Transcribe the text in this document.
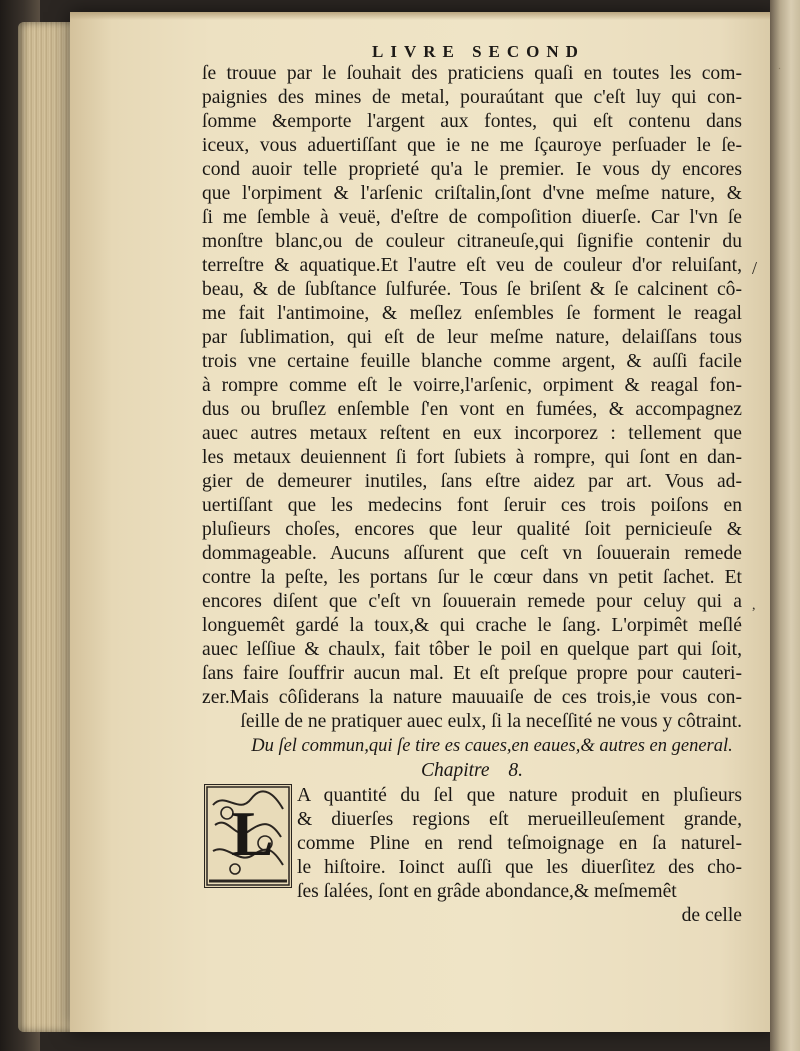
.
LIVRE SECOND
ſe trouue par le ſouhait des praticiens quaſi en toutes les com-
paignies des mines de metal, pouraútant que c'eſt luy qui con-
ſomme &emporte l'argent aux fontes, qui eſt contenu dans
iceux, vous aduertiſſant que ie ne me ſçauroye perſuader le ſe-
cond auoir telle proprieté qu'a le premier. Ie vous dy encores
que l'orpiment & l'arſenic criſtalin,ſont d'vne meſme nature, &
ſi me ſemble à veuë, d'eſtre de compoſition diuerſe. Car l'vn ſe
monſtre blanc,ou de couleur citraneuſe,qui ſignifie contenir du
terreſtre & aquatique.Et l'autre eſt veu de couleur d'or reluiſant,
beau, & de ſubſtance ſulfurée. Tous ſe briſent & ſe calcinent cô-
me fait l'antimoine, & meſlez enſembles ſe forment le reagal
par ſublimation, qui eſt de leur meſme nature, delaiſſans tous
trois vne certaine feuille blanche comme argent, & auſſi facile
à rompre comme eſt le voirre,l'arſenic, orpiment & reagal fon-
dus ou bruſlez enſemble ſ'en vont en fumées, & accompagnez
auec autres metaux reſtent en eux incorporez : tellement que
les metaux deuiennent ſi fort ſubiets à rompre, qui ſont en dan-
gier de demeurer inutiles, ſans eſtre aidez par art. Vous ad-
uertiſſant que les medecins font ſeruir ces trois poiſons en
pluſieurs choſes, encores que leur qualité ſoit pernicieuſe &
dommageable. Aucuns aſſurent que ceſt vn ſouuerain remede
contre la peſte, les portans ſur le cœur dans vn petit ſachet. Et
encores diſent que c'eſt vn ſouuerain remede pour celuy qui a
longuemêt gardé la toux,& qui crache le ſang. L'orpimêt meſlé
auec leſſiue & chaulx, fait tôber le poil en quelque part qui ſoit,
ſans faire ſouffrir aucun mal. Et eſt preſque propre pour cauteri-
zer.Mais côſiderans la nature mauuaiſe de ces trois,ie vous con-
ſeille de ne pratiquer auec eulx, ſi la neceſſité ne vous y côtraint.
Du ſel commun,qui ſe tire es caues,en eaues,& autres en general.
Chapitre 8.
A quantité du ſel que nature produit en pluſieurs
& diuerſes regions eſt merueilleuſement grande,
comme Pline en rend teſmoignage en ſa naturel-
le hiſtoire. Ioinct auſſi que les diuerſitez des cho-
ſes ſalées, ſont en grâde abondance,& meſmemêt
de celle
L
/
,
